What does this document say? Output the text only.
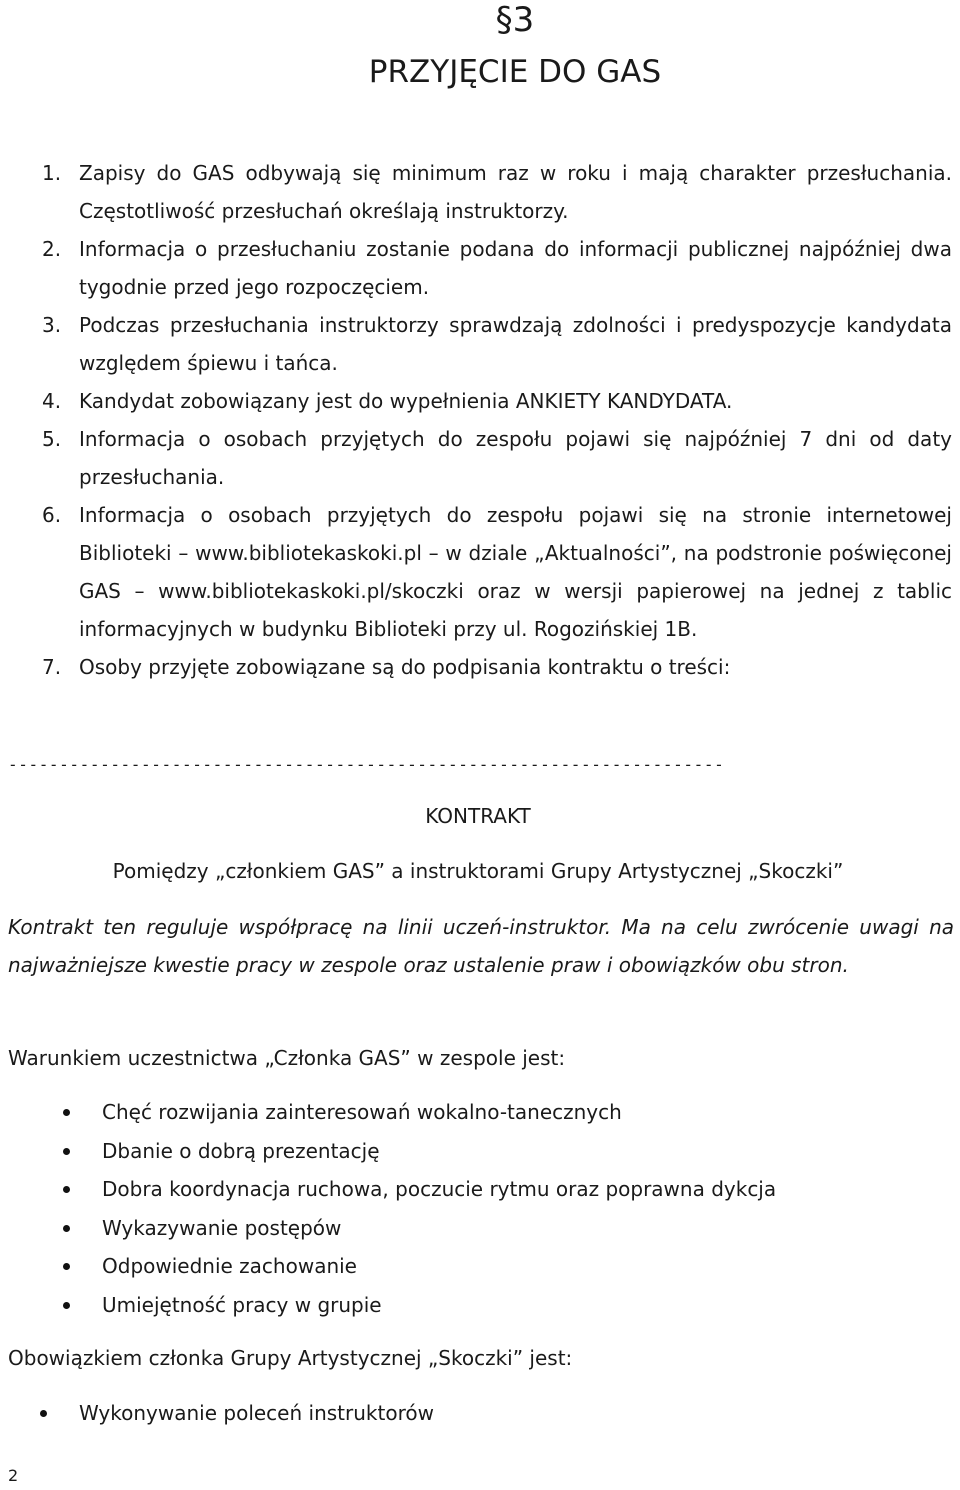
§3
PRZYJĘCIE DO GAS
1. Zapisy do GAS odbywają się minimum raz w roku i mają charakter przesłuchania. Częstotliwość przesłuchań określają instruktorzy.
2. Informacja o przesłuchaniu zostanie podana do informacji publicznej najpóźniej dwa tygodnie przed jego rozpoczęciem.
3. Podczas przesłuchania instruktorzy sprawdzają zdolności i predyspozycje kandydata względem śpiewu i tańca.
4. Kandydat zobowiązany jest do wypełnienia ANKIETY KANDYDATA.
5. Informacja o osobach przyjętych do zespołu pojawi się najpóźniej 7 dni od daty przesłuchania.
6. Informacja o osobach przyjętych do zespołu pojawi się na stronie internetowej Biblioteki – www.bibliotekaskoki.pl – w dziale „Aktualności”, na podstronie poświęconej GAS – www.bibliotekaskoki.pl/skoczki oraz w wersji papierowej na jednej z tablic informacyjnych w budynku Biblioteki przy ul. Rogozińskiej 1B.
7. Osoby przyjęte zobowiązane są do podpisania kontraktu o treści:
----------------------------------------------------------------------
KONTRAKT
Pomiędzy „członkiem GAS” a instruktorami Grupy Artystycznej „Skoczki”

Kontrakt ten reguluje współpracę na linii uczeń-instruktor. Ma na celu zwrócenie uwagi na najważniejsze kwestie pracy w zespole oraz ustalenie praw i obowiązków obu stron.

Warunkiem uczestnictwa „Członka GAS” w zespole jest:

Chęć rozwijania zainteresowań wokalno-tanecznych
Dbanie o dobrą prezentację
Dobra koordynacja ruchowa, poczucie rytmu oraz poprawna dykcja
Wykazywanie postępów
Odpowiednie zachowanie
Umiejętność pracy w grupie

Obowiązkiem członka Grupy Artystycznej „Skoczki” jest:

Wykonywanie poleceń instruktorów
2
